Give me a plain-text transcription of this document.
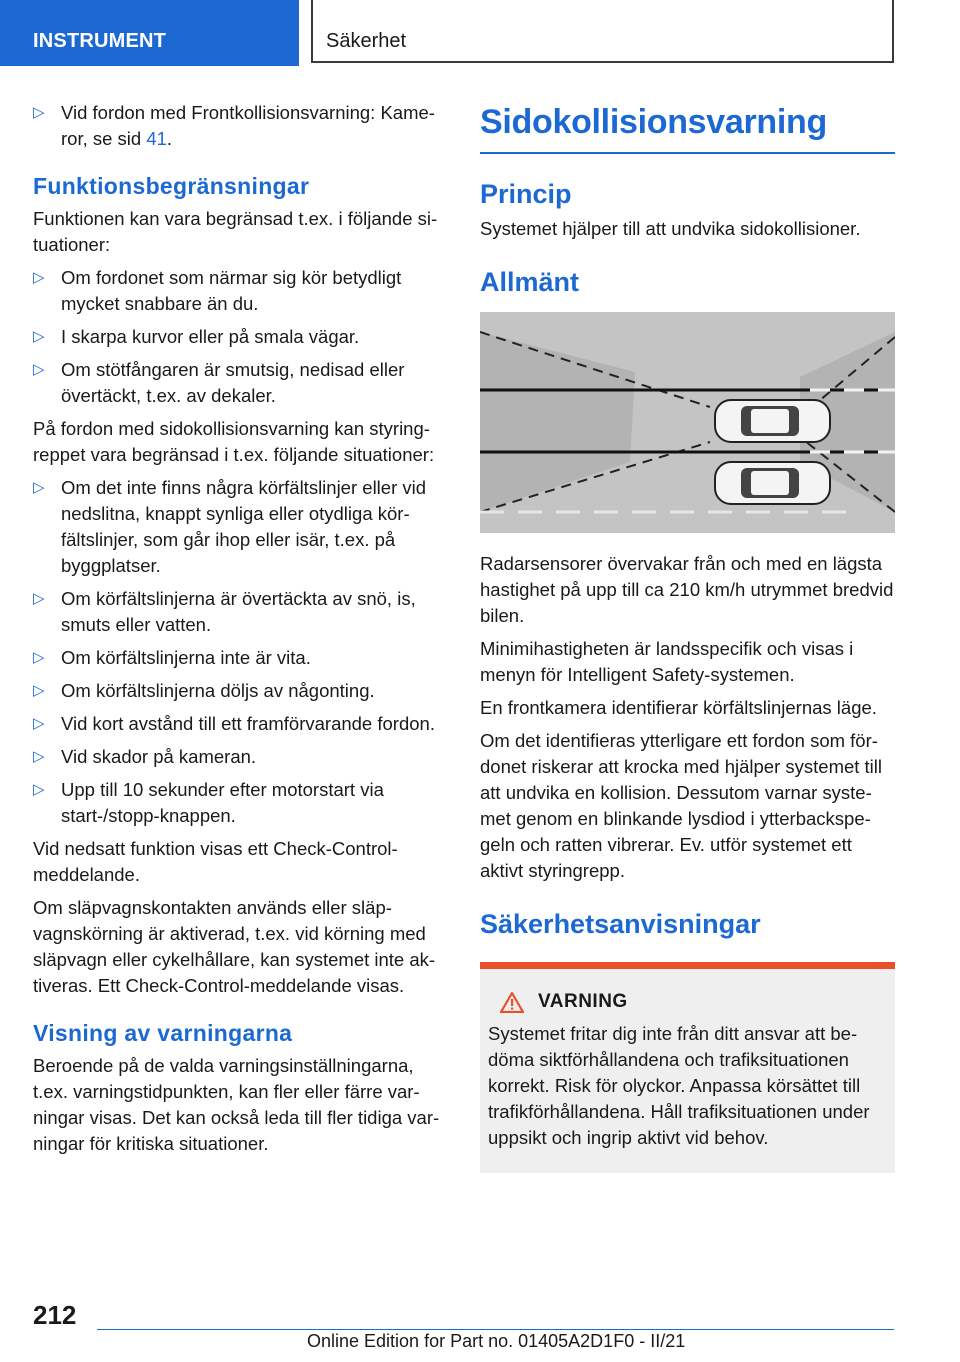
INSTRUMENT	Säkerhet
▷ Vid fordon med Frontkollisionsvarning: Kameror, se sid 41.
Funktionsbegränsningar

Funktionen kan vara begränsad t.ex. i följande situationer:

▷ Om fordonet som närmar sig kör betydligt mycket snabbare än du.
▷ I skarpa kurvor eller på smala vägar.
▷ Om stötfångaren är smutsig, nedisad eller övertäckt, t.ex. av dekaler.

På fordon med sidokollisionsvarning kan styringreppet vara begränsad i t.ex. följande situationer:

▷ Om det inte finns några körfältslinjer eller vid nedslitna, knappt synliga eller otydliga körfältslinjer, som går ihop eller isär, t.ex. på byggplatser.
▷ Om körfältslinjerna är övertäckta av snö, is, smuts eller vatten.
▷ Om körfältslinjerna inte är vita.
▷ Om körfältslinjerna döljs av någonting.
▷ Vid kort avstånd till ett framförvarande fordon.
▷ Vid skador på kameran.
▷ Upp till 10 sekunder efter motorstart via start-/stopp-knappen.

Vid nedsatt funktion visas ett Check-Control-meddelande.

Om släpvagnskontakten används eller släpvagnskörning är aktiverad, t.ex. vid körning med släpvagn eller cykelhållare, kan systemet inte aktiveras. Ett Check-Control-meddelande visas.

Visning av varningarna

Beroende på de valda varningsinställningarna, t.ex. varningstidpunkten, kan fler eller färre varningar visas. Det kan också leda till fler tidiga varningar för kritiska situationer.

Sidokollisionsvarning
Princip

Systemet hjälper till att undvika sidokollisioner.

Allmänt

Radarsensorer övervakar från och med en lägsta hastighet på upp till ca 210 km/h utrymmet bredvid bilen.

Minimihastigheten är landsspecifik och visas i menyn för Intelligent Safety-systemen.

En frontkamera identifierar körfältslinjernas läge.

Om det identifieras ytterligare ett fordon som fördonet riskerar att krocka med hjälper systemet till att undvika en kollision. Dessutom varnar systemet genom en blinkande lysdiod i ytterbackspegeln och ratten vibrerar. Ev. utför systemet ett aktivt styringrepp.

Säkerhetsanvisningar
VARNING

Systemet fritar dig inte från ditt ansvar att bedöma siktförhållandena och trafiksituationen korrekt. Risk för olyckor. Anpassa körsättet till trafikförhållandena. Håll trafiksituationen under uppsikt och ingrip aktivt vid behov.

212
Online Edition for Part no. 01405A2D1F0 - II/21
